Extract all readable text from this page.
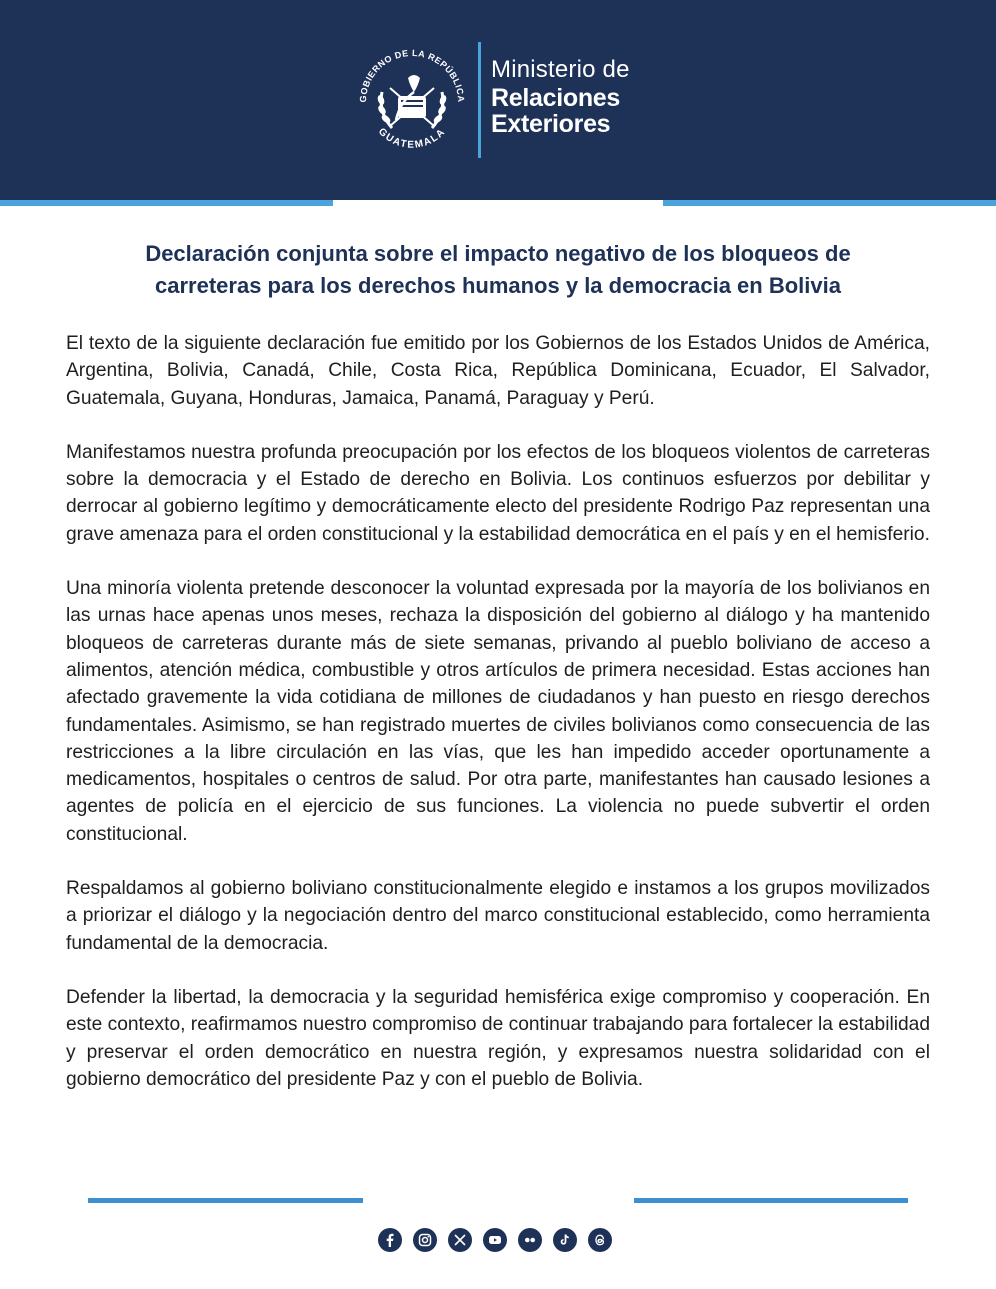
GOBIERNO DE LA REPÚBLICA
GUATEMALA
Ministerio de
Relaciones
Exteriores
Declaración conjunta sobre el impacto negativo de los bloqueos de
carreteras para los derechos humanos y la democracia en Bolivia

El texto de la siguiente declaración fue emitido por los Gobiernos de los Estados Unidos de América, Argentina, Bolivia, Canadá, Chile, Costa Rica, República Dominicana, Ecuador, El Salvador, Guatemala, Guyana, Honduras, Jamaica, Panamá, Paraguay y Perú.

Manifestamos nuestra profunda preocupación por los efectos de los bloqueos violentos de carreteras sobre la democracia y el Estado de derecho en Bolivia. Los continuos esfuerzos por debilitar y derrocar al gobierno legítimo y democráticamente electo del presidente Rodrigo Paz representan una grave amenaza para el orden constitucional y la estabilidad democrática en el país y en el hemisferio.

Una minoría violenta pretende desconocer la voluntad expresada por la mayoría de los bolivianos en las urnas hace apenas unos meses, rechaza la disposición del gobierno al diálogo y ha mantenido bloqueos de carreteras durante más de siete semanas, privando al pueblo boliviano de acceso a alimentos, atención médica, combustible y otros artículos de primera necesidad. Estas acciones han afectado gravemente la vida cotidiana de millones de ciudadanos y han puesto en riesgo derechos fundamentales. Asimismo, se han registrado muertes de civiles bolivianos como consecuencia de las restricciones a la libre circulación en las vías, que les han impedido acceder oportunamente a medicamentos, hospitales o centros de salud. Por otra parte, manifestantes han causado lesiones a agentes de policía en el ejercicio de sus funciones. La violencia no puede subvertir el orden constitucional.

Respaldamos al gobierno boliviano constitucionalmente elegido e instamos a los grupos movilizados a priorizar el diálogo y la negociación dentro del marco constitucional establecido, como herramienta fundamental de la democracia.

Defender la libertad, la democracia y la seguridad hemisférica exige compromiso y cooperación. En este contexto, reafirmamos nuestro compromiso de continuar trabajando para fortalecer la estabilidad y preservar el orden democrático en nuestra región, y expresamos nuestra solidaridad con el gobierno democrático del presidente Paz y con el pueblo de Bolivia.
